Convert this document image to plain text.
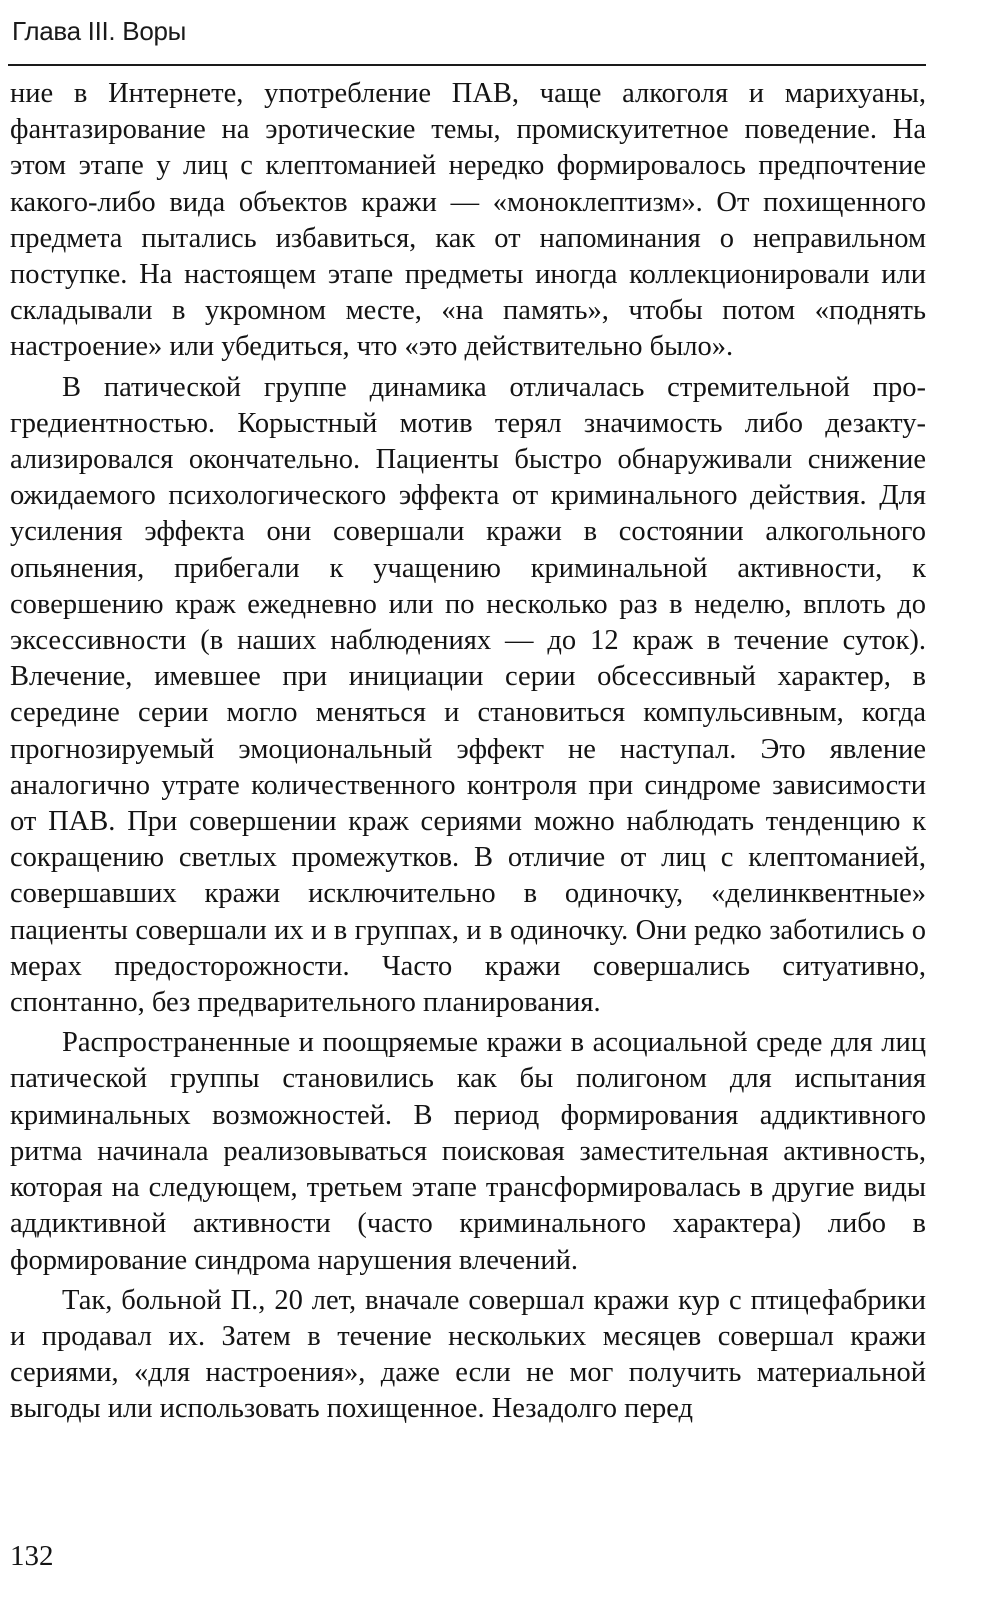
Глава III. Воры

ние в Интернете, употребление ПАВ, чаще алкоголя и марихуаны, фантазирование на эротические темы, промискуитетное поведение. На этом этапе у лиц с клептоманией нередко формировалось предпочтение какого-либо вида объектов кражи — «моноклептизм». От похищенного предмета пытались избавиться, как от напоминания о неправильном поступке. На настоящем этапе предметы иногда коллекционировали или складывали в укромном месте, «на память», чтобы потом «поднять настроение» или убедиться, что «это действительно было».

В патической группе динамика отличалась стремительной прогредиентностью. Корыстный мотив терял значимость либо дезактуализировался окончательно. Пациенты быстро обнаруживали снижение ожидаемого психологического эффекта от криминального действия. Для усиления эффекта они совершали кражи в состоянии алкогольного опьянения, прибегали к учащению криминальной активности, к совершению краж ежедневно или по несколько раз в неделю, вплоть до эксессивности (в наших наблюдениях — до 12 краж в течение суток). Влечение, имевшее при инициации серии обсессивный характер, в середине серии могло меняться и становиться компульсивным, когда прогнозируемый эмоциональный эффект не наступал. Это явление аналогично утрате количественного контроля при синдроме зависимости от ПАВ. При совершении краж сериями можно наблюдать тенденцию к сокращению светлых промежутков. В отличие от лиц с клептоманией, совершавших кражи исключительно в одиночку, «делинквентные» пациенты совершали их и в группах, и в одиночку. Они редко заботились о мерах предосторожности. Часто кражи совершались ситуативно, спонтанно, без предварительного планирования.

Распространенные и поощряемые кражи в асоциальной среде для лиц патической группы становились как бы полигоном для испытания криминальных возможностей. В период формирования аддиктивного ритма начинала реализовываться поисковая заместительная активность, которая на следующем, третьем этапе трансформировалась в другие виды аддиктивной активности (часто криминального характера) либо в формирование синдрома нарушения влечений.

Так, больной П., 20 лет, вначале совершал кражи кур с птицефабрики и продавал их. Затем в течение нескольких месяцев совершал кражи сериями, «для настроения», даже если не мог получить материальной выгоды или использовать похищенное. Незадолго перед

132
